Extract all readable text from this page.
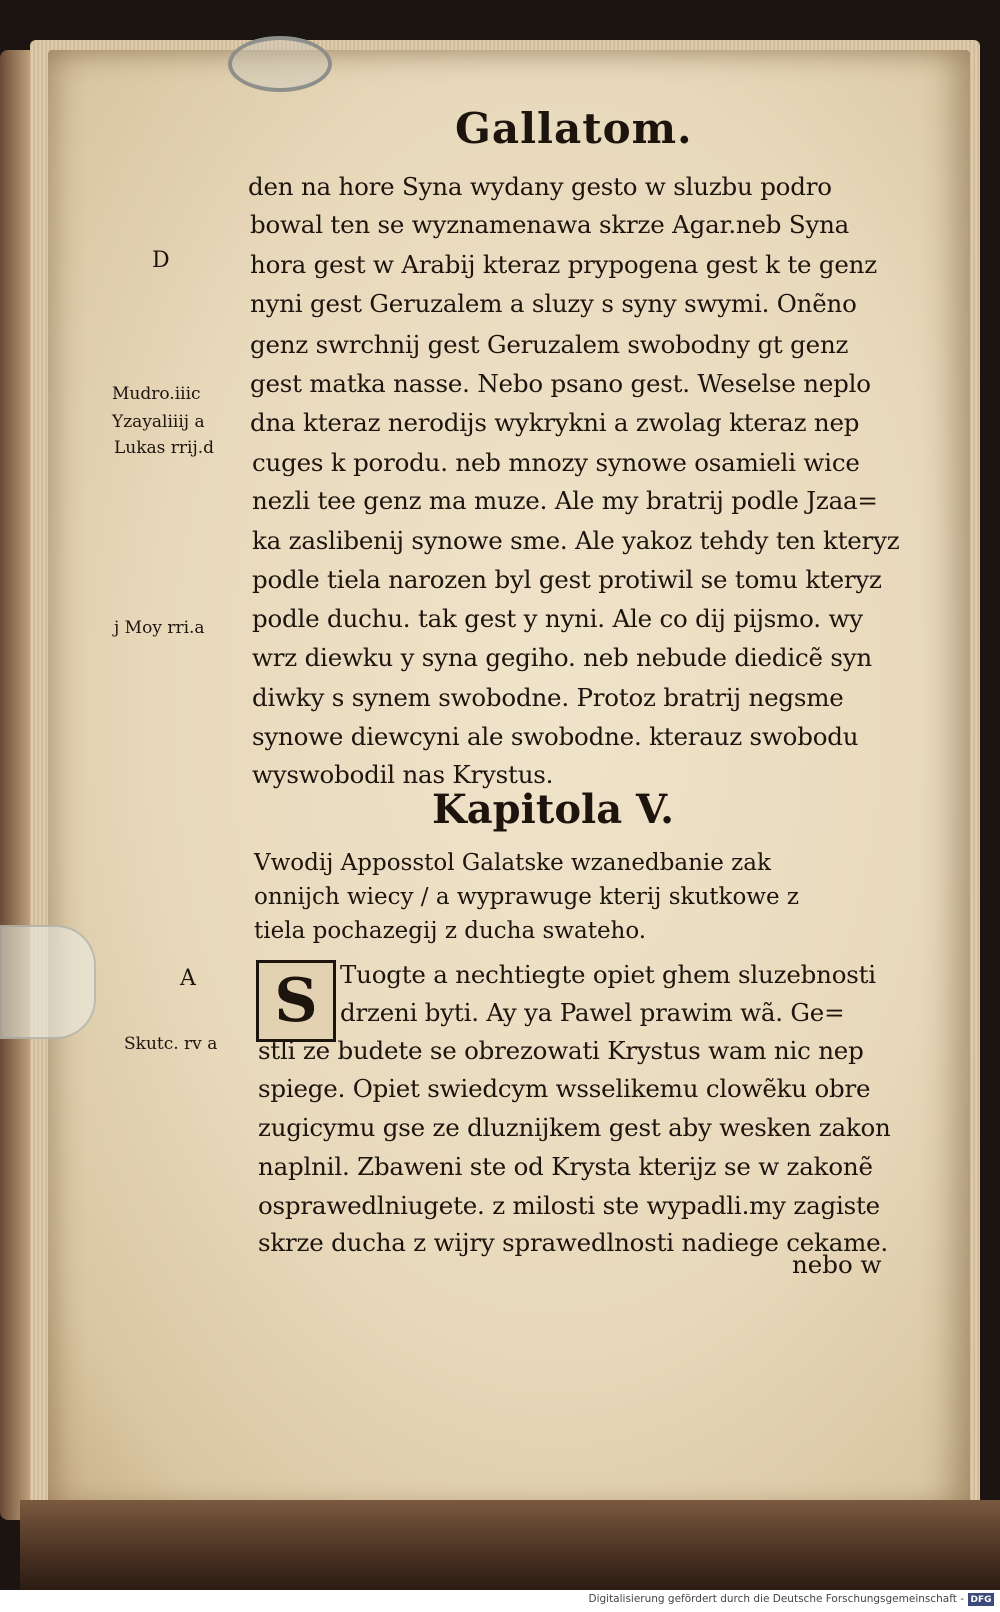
Gallatom.
den na hore Syna wydany gesto w sluzbu podro
bowal ten se wyznamenawa skrze Agar.neb Syna
hora gest w Arabij kteraz prypogena gest k te genz
nyni gest Geruzalem a sluzy s syny swymi. Onẽno
genz swrchnij gest Geruzalem swobodny gt genz
gest matka nasse. Nebo psano gest. Weselse neplo
dna kteraz nerodijs wykrykni a zwolag kteraz nep
cuges k porodu. neb mnozy synowe osamieli wice
nezli tee genz ma muze. Ale my bratrij podle Jzaa=
ka zaslibenij synowe sme. Ale yakoz tehdy ten kteryz
podle tiela narozen byl gest protiwil se tomu kteryz
podle duchu. tak gest y nyni. Ale co dij pijsmo. wy
wrz diewku y syna gegiho. neb nebude diedicẽ syn
diwky s synem swobodne. Protoz bratrij negsme
synowe diewcyni ale swobodne. kterauz swobodu
wyswobodil nas Krystus.
D
Mudro.iiic
Yzayaliiij a
Lukas rrij.d
j Moy rri.a
A
Skutc. rv a
Kapitola V.
Vwodij Apposstol Galatske wzanedbanie zak
onnijch wiecy / a wyprawuge kterij skutkowe z
tiela pochazegij z ducha swateho.
S Tuogte a nechtiegte opiet ghem sluzebnosti
drzeni byti. Ay ya Pawel prawim wã. Ge=
stli ze budete se obrezowati Krystus wam nic nep
spiege. Opiet swiedcym wsselikemu clowẽku obre
zugicymu gse ze dluznijkem gest aby wesken zakon
naplnil. Zbaweni ste od Krysta kterijz se w zakonẽ
osprawedlniugete. z milosti ste wypadli.my zagiste
skrze ducha z wijry sprawedlnosti nadiege cekame.
nebo w
Digitalisierung gefördert durch die Deutsche Forschungsgemeinschaft - DFG
